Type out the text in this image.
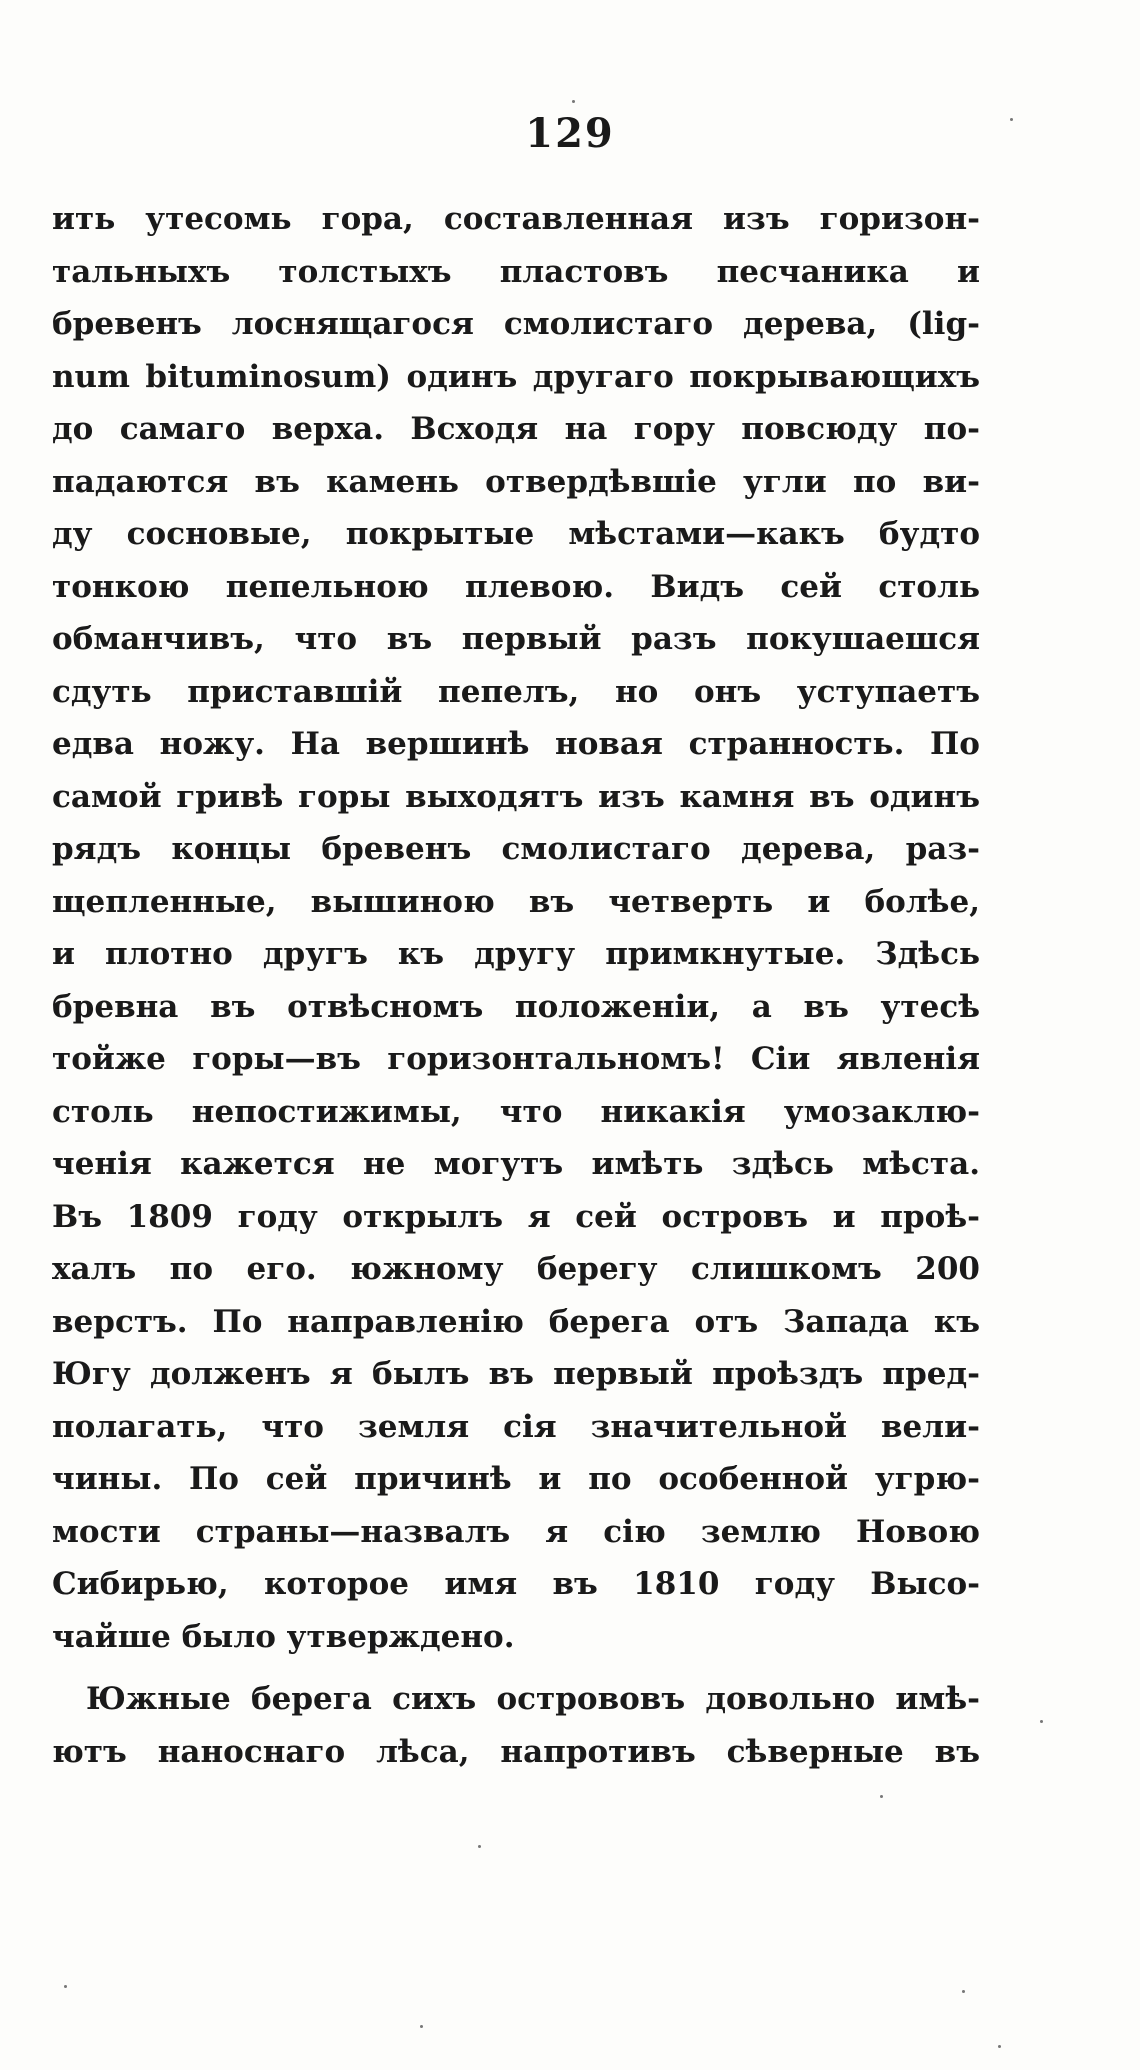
129
ить утесомь гора, составленная изъ горизон-
тальныхъ толстыхъ пластовъ песчаника и
бревенъ лоснящагося смолистаго дерева, (lig-
num bituminosum) одинъ другаго покрывающихъ
до самаго верха. Всходя на гору повсюду по-
падаются въ камень отвердѣвшіе угли по ви-
ду сосновые, покрытые мѣстами—какъ будто
тонкою пепельною плевою. Видъ сей столь
обманчивъ, что въ первый разъ покушаешся
сдуть приставшій пепелъ, но онъ уступаетъ
едва ножу. На вершинѣ новая странность. По
самой гривѣ горы выходятъ изъ камня въ одинъ
рядъ концы бревенъ смолистаго дерева, раз-
щепленные, вышиною въ четверть и болѣе,
и плотно другъ къ другу примкнутые. Здѣсь
бревна въ отвѣсномъ положеніи, а въ утесѣ
тойже горы—въ горизонтальномъ! Сіи явленія
столь непостижимы, что никакія умозаклю-
ченія кажется не могутъ имѣть здѣсь мѣста.
Въ 1809 году открылъ я сей островъ и проѣ-
халъ по его. южному берегу слишкомъ 200
верстъ. По направленію берега отъ Запада къ
Югу долженъ я былъ въ первый проѣздъ пред-
полагать, что земля сія значительной вели-
чины. По сей причинѣ и по особенной угрю-
мости страны—назвалъ я сію землю Новою
Сибирью, которое имя въ 1810 году Высо-
чайше было утверждено.
Южные берега сихъ острововъ довольно имѣ-
ютъ наноснаго лѣса, напротивъ сѣверные въ
